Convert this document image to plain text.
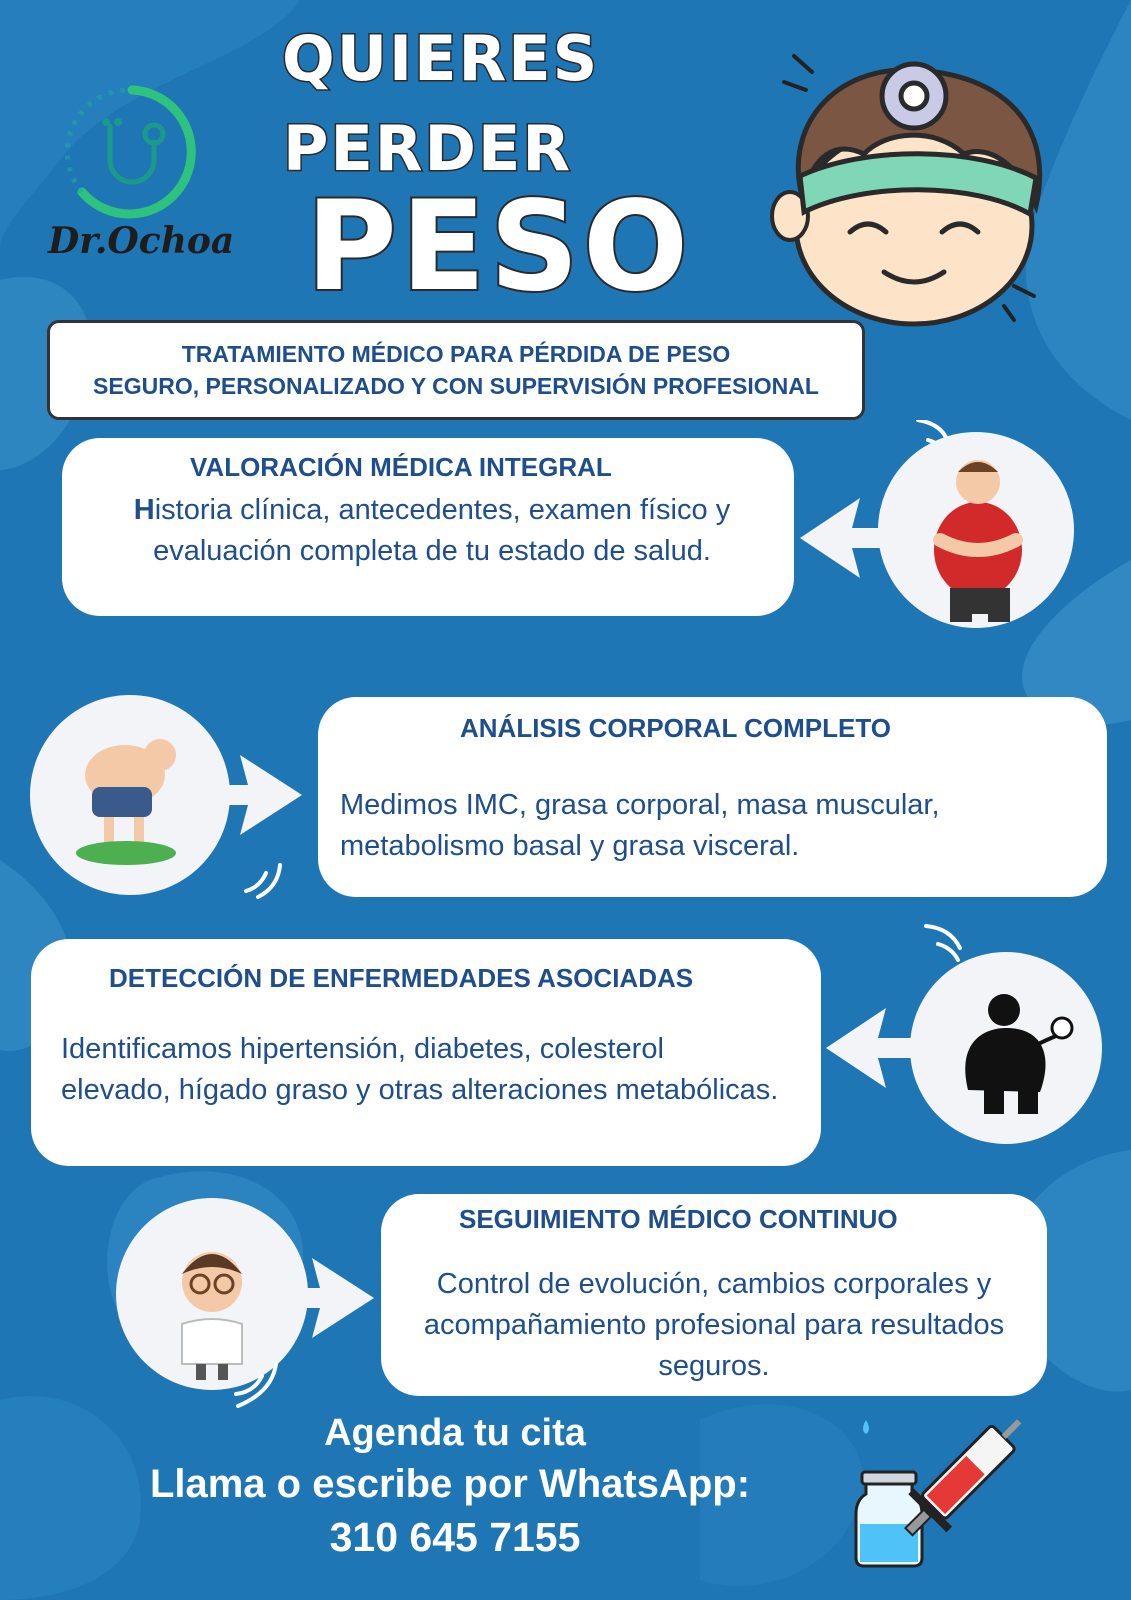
Dr.Ochoa
QUIERES
PERDER
PESO
TRATAMIENTO MÉDICO PARA PÉRDIDA DE PESO
SEGURO, PERSONALIZADO Y CON SUPERVISIÓN PROFESIONAL
VALORACIÓN MÉDICA INTEGRAL
Historia clínica, antecedentes, examen físico y evaluación completa de tu estado de salud.
ANÁLISIS CORPORAL COMPLETO
Medimos IMC, grasa corporal, masa muscular, metabolismo basal y grasa visceral.
DETECCIÓN DE ENFERMEDADES ASOCIADAS
Identificamos hipertensión, diabetes, colesterol elevado, hígado graso y otras alteraciones metabólicas.
SEGUIMIENTO MÉDICO CONTINUO
Control de evolución, cambios corporales y acompañamiento profesional para resultados seguros.
Agenda tu cita
Llama o escribe por WhatsApp:
310 645 7155
